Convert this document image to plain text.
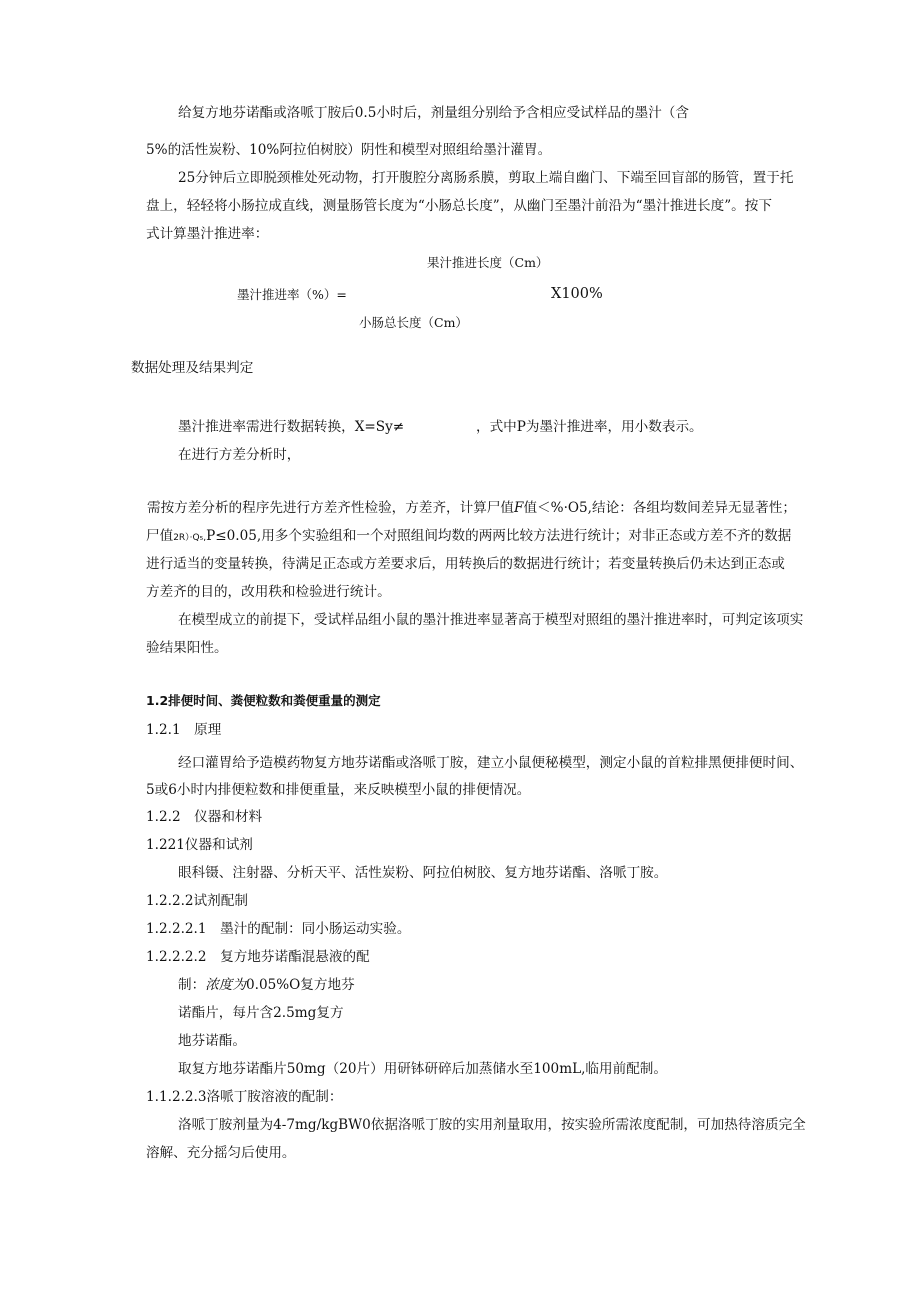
给复方地芬诺酯或洛哌丁胺后0.5小时后，剂量组分别给予含相应受试样品的墨汁（含
5%的活性炭粉、10%阿拉伯树胶）阴性和模型对照组给墨汁灌胃。
25分钟后立即脱颈椎处死动物，打开腹腔分离肠系膜，剪取上端自幽门、下端至回盲部的肠管，置于托
盘上，轻轻将小肠拉成直线，测量肠管长度为“小肠总长度”，从幽门至墨汁前沿为“墨汁推进长度”。按下
式计算墨汁推进率：
果汁推进长度（Cm）
墨汁推进率（%）=	X100%
小肠总长度（Cm）
数据处理及结果判定
墨汁推进率需进行数据转换，X=Sy≠	，式中P为墨汁推进率，用小数表示。
在进行方差分析时，
需按方差分析的程序先进行方差齐性检验，方差齐，计算尸值F值＜%·O5,结论：各组均数间差异无显著性；
尸值2R）·Q₅,P≤0.05,用多个实验组和一个对照组间均数的两两比较方法进行统计；对非正态或方差不齐的数据
进行适当的变量转换，待满足正态或方差要求后，用转换后的数据进行统计；若变量转换后仍未达到正态或
方差齐的目的，改用秩和检验进行统计。
在模型成立的前提下，受试样品组小鼠的墨汁推进率显著高于模型对照组的墨汁推进率时，可判定该项实
验结果阳性。
1.2排便时间、粪便粒数和粪便重量的测定
1.2.1　原理
经口灌胃给予造模药物复方地芬诺酯或洛哌丁胺，建立小鼠便秘模型，测定小鼠的首粒排黑便排便时间、
5或6小时内排便粒数和排便重量，来反映模型小鼠的排便情况。
1.2.2　仪器和材料
1.221仪器和试剂
眼科镊、注射器、分析天平、活性炭粉、阿拉伯树胶、复方地芬诺酯、洛哌丁胺。
1.2.2.2试剂配制
1.2.2.2.1　墨汁的配制：同小肠运动实验。
1.2.2.2.2　复方地芬诺酯混悬液的配
制：浓度为0.05%O复方地芬
诺酯片，每片含2.5mg复方
地芬诺酯。
取复方地芬诺酯片50mg（20片）用研钵研碎后加蒸储水至100mL,临用前配制。
1.1.2.2.3洛哌丁胺溶液的配制：
洛哌丁胺剂量为4-7mg/kgBW0依据洛哌丁胺的实用剂量取用，按实验所需浓度配制，可加热待溶质完全
溶解、充分摇匀后使用。
